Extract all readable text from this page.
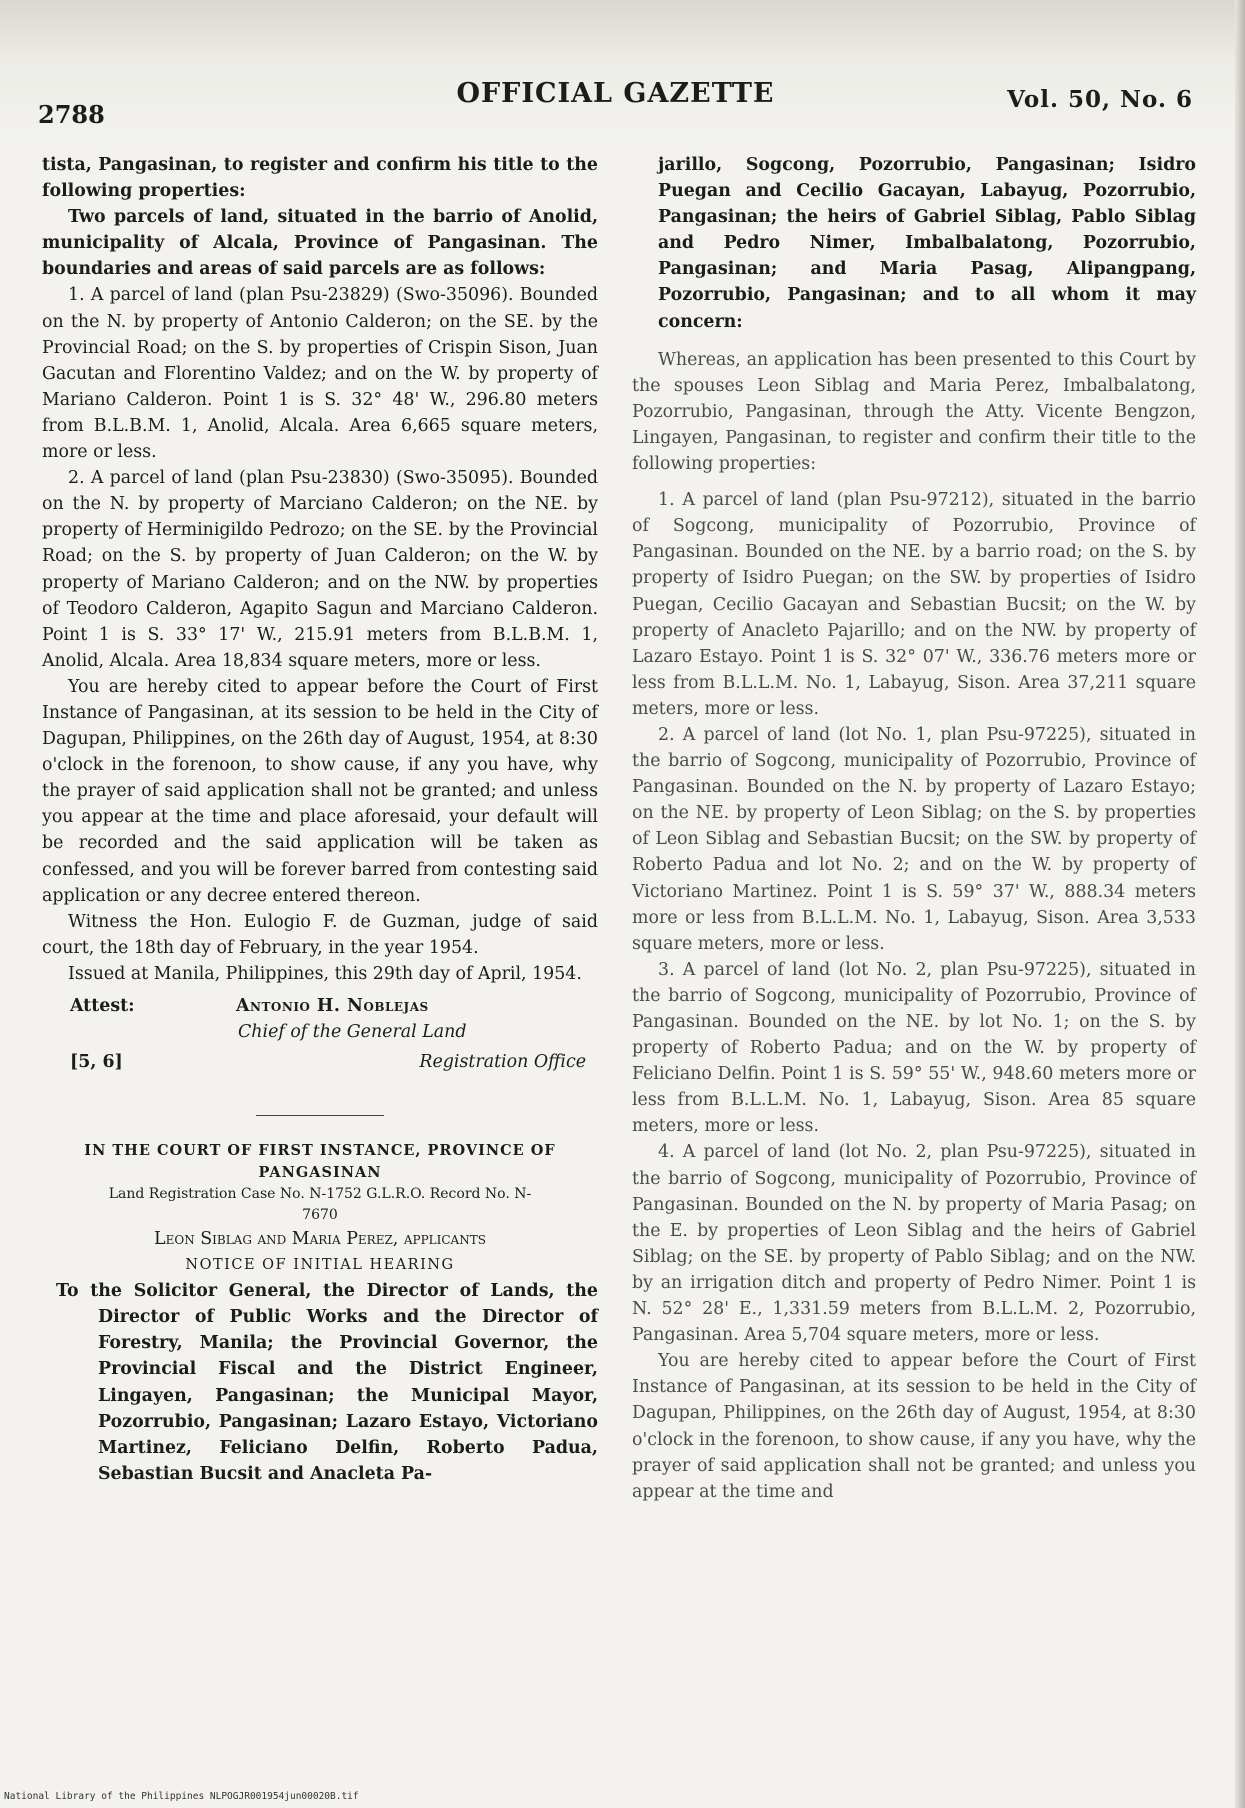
2788
OFFICIAL GAZETTE	Vol. 50, No. 6

tista, Pangasinan, to register and confirm his title to the following properties:

Two parcels of land, situated in the barrio of Anolid, municipality of Alcala, Province of Pangasinan. The boundaries and areas of said parcels are as follows:

1. A parcel of land (plan Psu-23829) (Swo-35096). Bounded on the N. by property of Antonio Calderon; on the SE. by the Provincial Road; on the S. by properties of Crispin Sison, Juan Gacutan and Florentino Valdez; and on the W. by property of Mariano Calderon. Point 1 is S. 32° 48' W., 296.80 meters from B.L.B.M. 1, Anolid, Alcala. Area 6,665 square meters, more or less.

2. A parcel of land (plan Psu-23830) (Swo-35095). Bounded on the N. by property of Marciano Calderon; on the NE. by property of Herminigildo Pedrozo; on the SE. by the Provincial Road; on the S. by property of Juan Calderon; on the W. by property of Mariano Calderon; and on the NW. by properties of Teodoro Calderon, Agapito Sagun and Marciano Calderon. Point 1 is S. 33° 17' W., 215.91 meters from B.L.B.M. 1, Anolid, Alcala. Area 18,834 square meters, more or less.

You are hereby cited to appear before the Court of First Instance of Pangasinan, at its session to be held in the City of Dagupan, Philippines, on the 26th day of August, 1954, at 8:30 o'clock in the forenoon, to show cause, if any you have, why the prayer of said application shall not be granted; and unless you appear at the time and place aforesaid, your default will be recorded and the said application will be taken as confessed, and you will be forever barred from contesting said application or any decree entered thereon.

Witness the Hon. Eulogio F. de Guzman, judge of said court, the 18th day of February, in the year 1954.

Issued at Manila, Philippines, this 29th day of April, 1954.

Attest:	Antonio H. Noblejas
Chief of the General Land
[5, 6]	Registration Office

IN THE COURT OF FIRST INSTANCE, PROVINCE OF PANGASINAN

Land Registration Case No. N-1752 G.L.R.O. Record No. N-7670

Leon Siblag and Maria Perez, applicants

NOTICE OF INITIAL HEARING

To the Solicitor General, the Director of Lands, the Director of Public Works and the Director of Forestry, Manila; the Provincial Governor, the Provincial Fiscal and the District Engineer, Lingayen, Pangasinan; the Municipal Mayor, Pozorrubio, Pangasinan; Lazaro Estayo, Victoriano Martinez, Feliciano Delfin, Roberto Padua, Sebastian Bucsit and Anacleta Pa-

jarillo, Sogcong, Pozorrubio, Pangasinan; Isidro Puegan and Cecilio Gacayan, Labayug, Pozorrubio, Pangasinan; the heirs of Gabriel Siblag, Pablo Siblag and Pedro Nimer, Imbalbalatong, Pozorrubio, Pangasinan; and Maria Pasag, Alipangpang, Pozorrubio, Pangasinan; and to all whom it may concern:

Whereas, an application has been presented to this Court by the spouses Leon Siblag and Maria Perez, Imbalbalatong, Pozorrubio, Pangasinan, through the Atty. Vicente Bengzon, Lingayen, Pangasinan, to register and confirm their title to the following properties:

1. A parcel of land (plan Psu-97212), situated in the barrio of Sogcong, municipality of Pozorrubio, Province of Pangasinan. Bounded on the NE. by a barrio road; on the S. by property of Isidro Puegan; on the SW. by properties of Isidro Puegan, Cecilio Gacayan and Sebastian Bucsit; on the W. by property of Anacleto Pajarillo; and on the NW. by property of Lazaro Estayo. Point 1 is S. 32° 07' W., 336.76 meters more or less from B.L.L.M. No. 1, Labayug, Sison. Area 37,211 square meters, more or less.

2. A parcel of land (lot No. 1, plan Psu-97225), situated in the barrio of Sogcong, municipality of Pozorrubio, Province of Pangasinan. Bounded on the N. by property of Lazaro Estayo; on the NE. by property of Leon Siblag; on the S. by properties of Leon Siblag and Sebastian Bucsit; on the SW. by property of Roberto Padua and lot No. 2; and on the W. by property of Victoriano Martinez. Point 1 is S. 59° 37' W., 888.34 meters more or less from B.L.L.M. No. 1, Labayug, Sison. Area 3,533 square meters, more or less.

3. A parcel of land (lot No. 2, plan Psu-97225), situated in the barrio of Sogcong, municipality of Pozorrubio, Province of Pangasinan. Bounded on the NE. by lot No. 1; on the S. by property of Roberto Padua; and on the W. by property of Feliciano Delfin. Point 1 is S. 59° 55' W., 948.60 meters more or less from B.L.L.M. No. 1, Labayug, Sison. Area 85 square meters, more or less.

4. A parcel of land (lot No. 2, plan Psu-97225), situated in the barrio of Sogcong, municipality of Pozorrubio, Province of Pangasinan. Bounded on the N. by property of Maria Pasag; on the E. by properties of Leon Siblag and the heirs of Gabriel Siblag; on the SE. by property of Pablo Siblag; and on the NW. by an irrigation ditch and property of Pedro Nimer. Point 1 is N. 52° 28' E., 1,331.59 meters from B.L.L.M. 2, Pozorrubio, Pangasinan. Area 5,704 square meters, more or less.

You are hereby cited to appear before the Court of First Instance of Pangasinan, at its session to be held in the City of Dagupan, Philippines, on the 26th day of August, 1954, at 8:30 o'clock in the forenoon, to show cause, if any you have, why the prayer of said application shall not be granted; and unless you appear at the time and

National Library of the Philippines NLPOGJR001954jun00020B.tif
